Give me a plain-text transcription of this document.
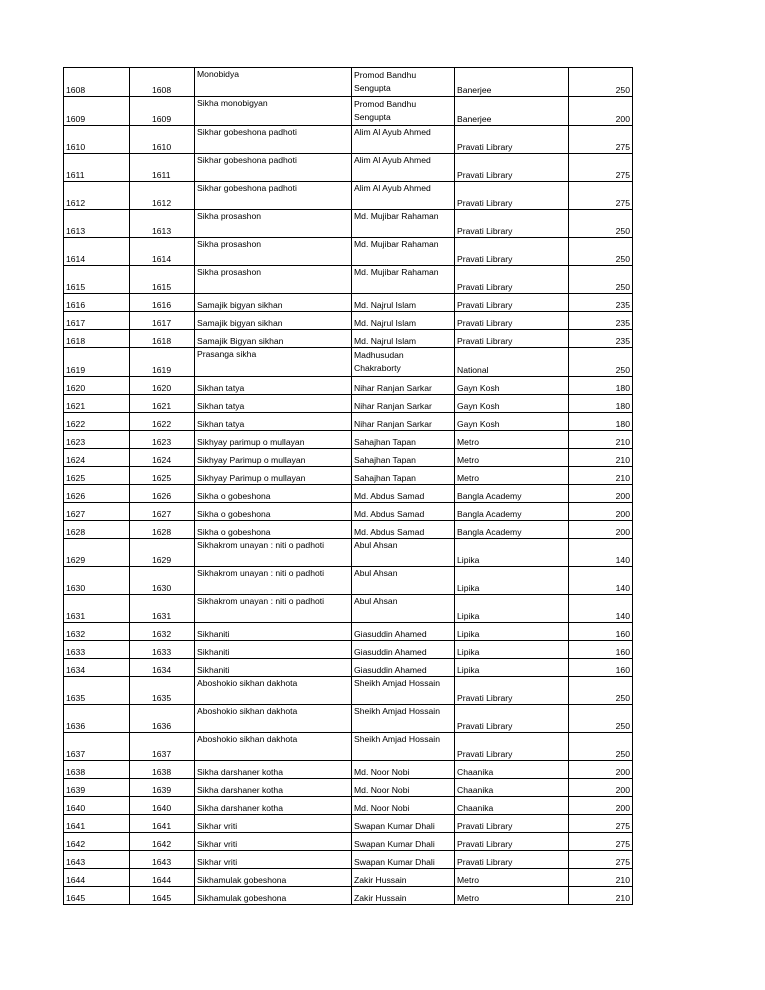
1608	1608	Monobidya	Promod Bandhu Sengupta	Banerjee	250
1609	1609	Sikha monobigyan	Promod Bandhu Sengupta	Banerjee	200
1610	1610	Sikhar gobeshona padhoti	Alim Al Ayub Ahmed	Pravati Library	275
1611	1611	Sikhar gobeshona padhoti	Alim Al Ayub Ahmed	Pravati Library	275
1612	1612	Sikhar gobeshona padhoti	Alim Al Ayub Ahmed	Pravati Library	275
1613	1613	Sikha prosashon	Md. Mujibar Rahaman	Pravati Library	250
1614	1614	Sikha prosashon	Md. Mujibar Rahaman	Pravati Library	250
1615	1615	Sikha prosashon	Md. Mujibar Rahaman	Pravati Library	250
1616	1616	Samajik bigyan sikhan	Md. Najrul Islam	Pravati Library	235
1617	1617	Samajik bigyan sikhan	Md. Najrul Islam	Pravati Library	235
1618	1618	Samajik Bigyan sikhan	Md. Najrul Islam	Pravati Library	235
1619	1619	Prasanga sikha	Madhusudan Chakraborty	National	250
1620	1620	Sikhan tatya	Nihar Ranjan Sarkar	Gayn Kosh	180
1621	1621	Sikhan tatya	Nihar Ranjan Sarkar	Gayn Kosh	180
1622	1622	Sikhan tatya	Nihar Ranjan Sarkar	Gayn Kosh	180
1623	1623	Sikhyay parimup o mullayan	Sahajhan Tapan	Metro	210
1624	1624	Sikhyay Parimup o mullayan	Sahajhan Tapan	Metro	210
1625	1625	Sikhyay Parimup o mullayan	Sahajhan Tapan	Metro	210
1626	1626	Sikha o gobeshona	Md. Abdus Samad	Bangla Academy	200
1627	1627	Sikha o gobeshona	Md. Abdus Samad	Bangla Academy	200
1628	1628	Sikha o gobeshona	Md. Abdus Samad	Bangla Academy	200
1629	1629	Sikhakrom unayan : niti o padhoti	Abul Ahsan	Lipika	140
1630	1630	Sikhakrom unayan : niti o padhoti	Abul Ahsan	Lipika	140
1631	1631	Sikhakrom unayan : niti o padhoti	Abul Ahsan	Lipika	140
1632	1632	Sikhaniti	Giasuddin Ahamed	Lipika	160
1633	1633	Sikhaniti	Giasuddin Ahamed	Lipika	160
1634	1634	Sikhaniti	Giasuddin Ahamed	Lipika	160
1635	1635	Aboshokio sikhan dakhota	Sheikh Amjad Hossain	Pravati Library	250
1636	1636	Aboshokio sikhan dakhota	Sheikh Amjad Hossain	Pravati Library	250
1637	1637	Aboshokio sikhan dakhota	Sheikh Amjad Hossain	Pravati Library	250
1638	1638	Sikha darshaner kotha	Md. Noor Nobi	Chaanika	200
1639	1639	Sikha darshaner kotha	Md. Noor Nobi	Chaanika	200
1640	1640	Sikha darshaner kotha	Md. Noor Nobi	Chaanika	200
1641	1641	Sikhar vriti	Swapan Kumar Dhali	Pravati Library	275
1642	1642	Sikhar vriti	Swapan Kumar Dhali	Pravati Library	275
1643	1643	Sikhar vriti	Swapan Kumar Dhali	Pravati Library	275
1644	1644	Sikhamulak gobeshona	Zakir Hussain	Metro	210
1645	1645	Sikhamulak gobeshona	Zakir Hussain	Metro	210
